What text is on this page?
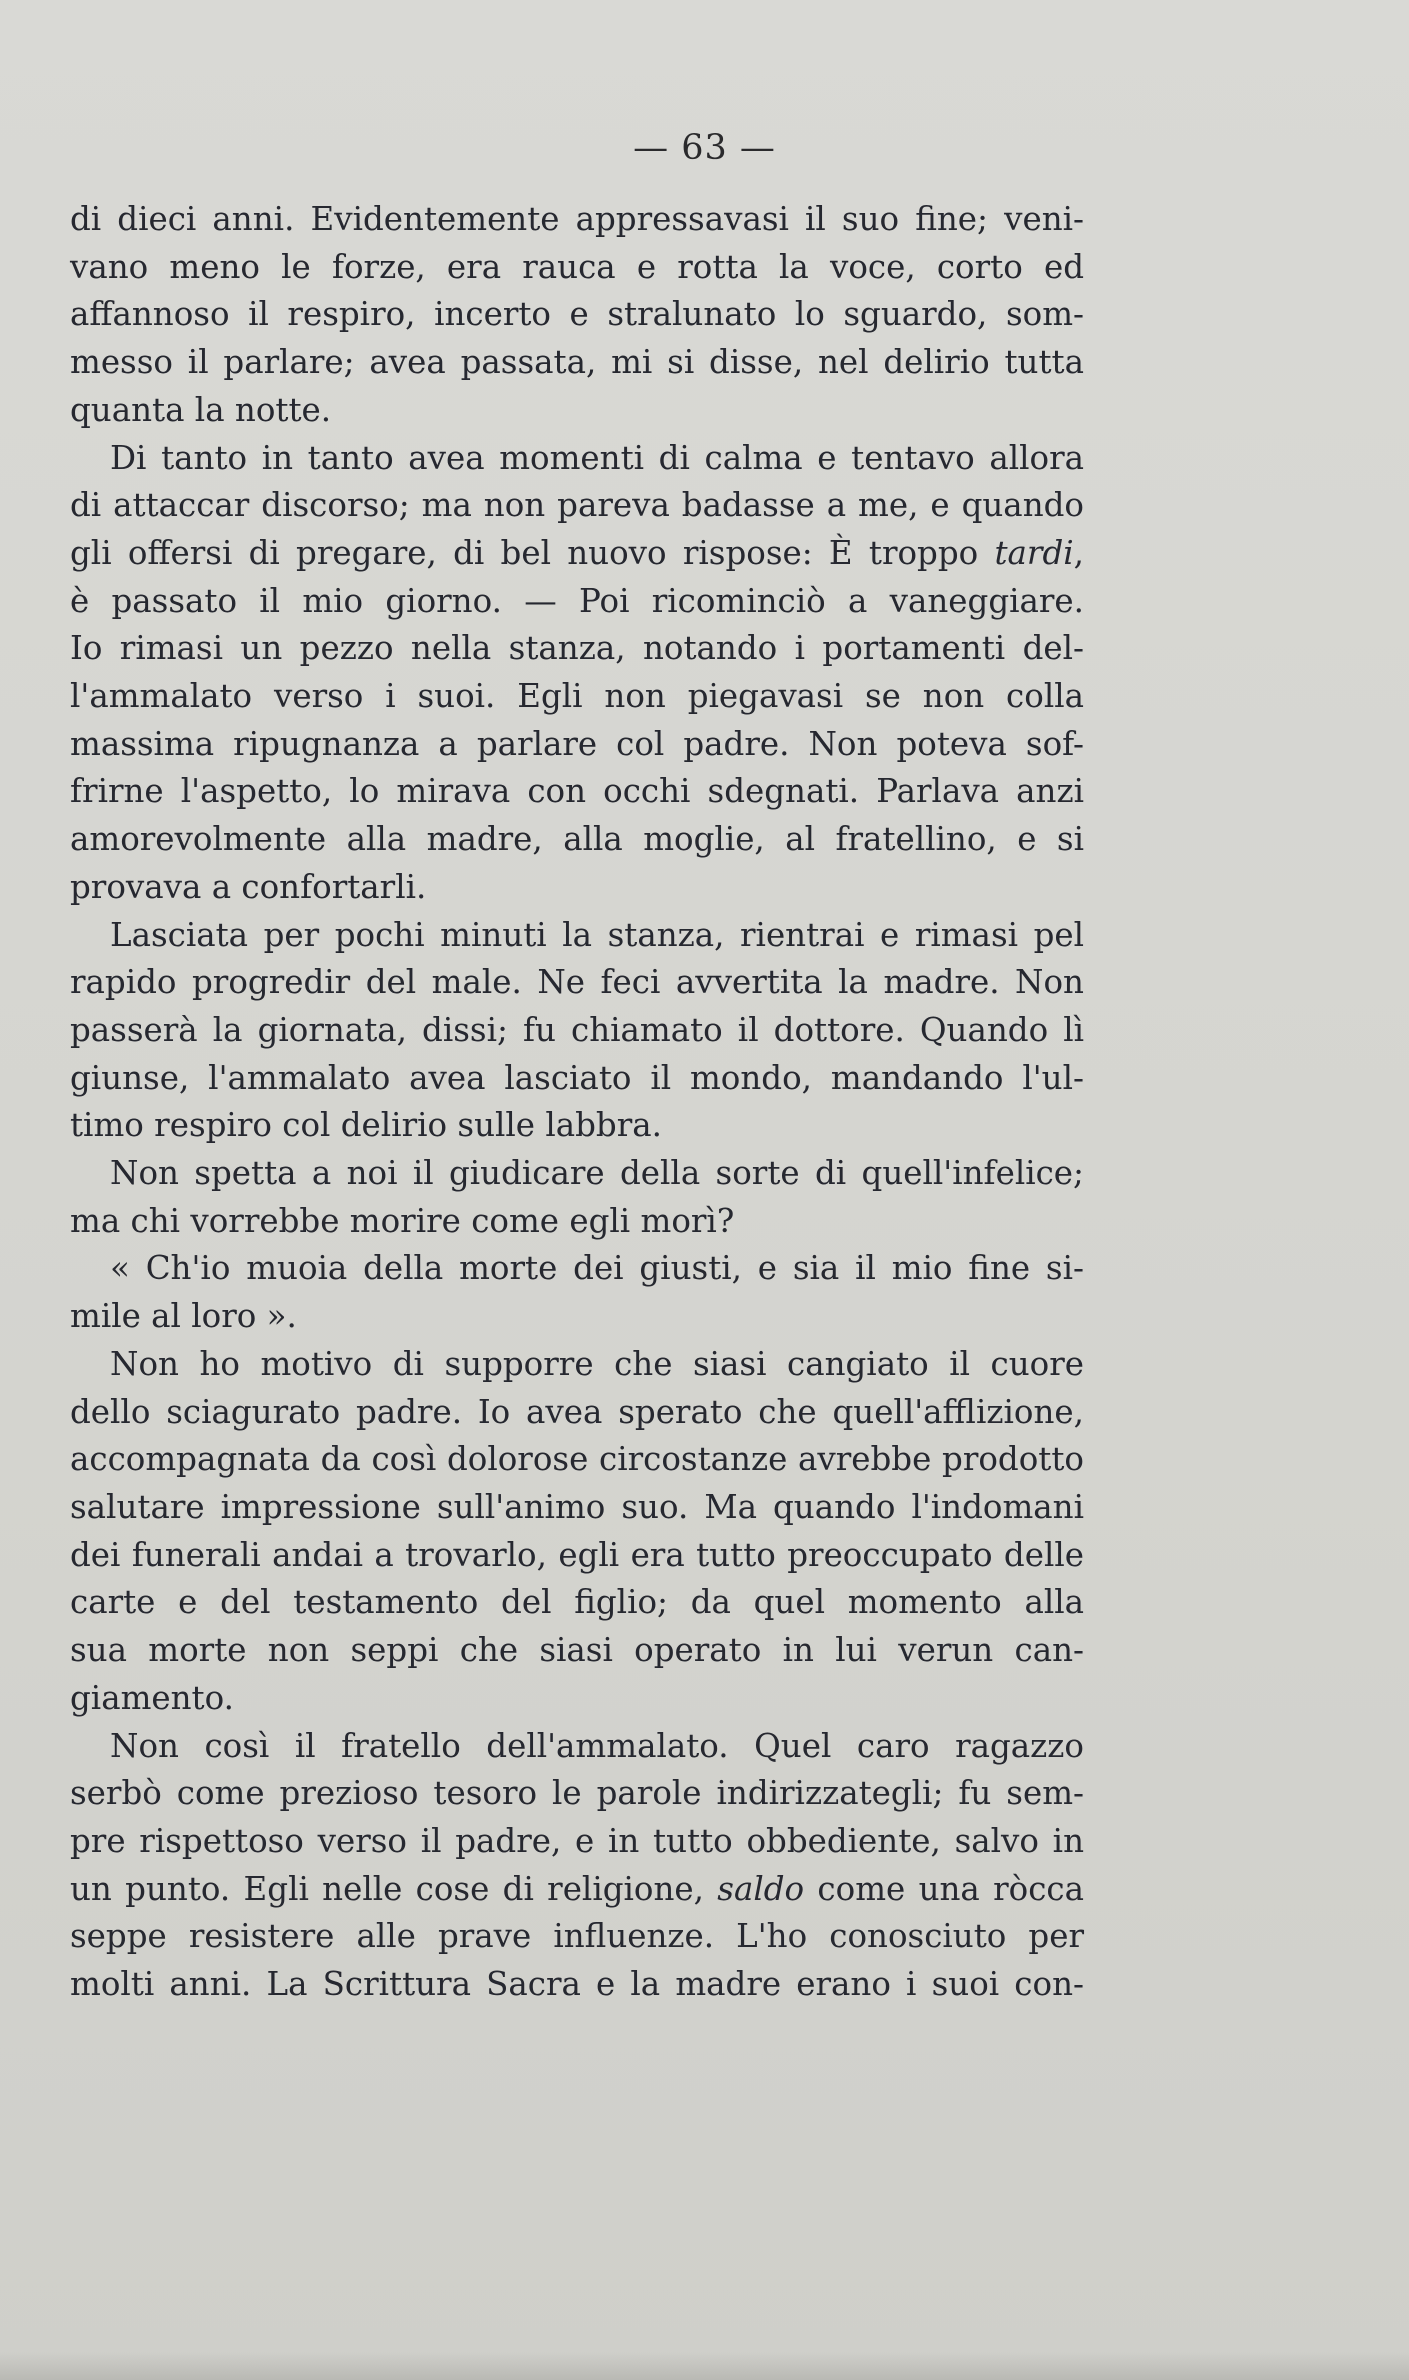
— 63 —
di dieci anni. Evidentemente appressavasi il suo fine; veni-
vano meno le forze, era rauca e rotta la voce, corto ed
affannoso il respiro, incerto e stralunato lo sguardo, som-
messo il parlare; avea passata, mi si disse, nel delirio tutta
quanta la notte.
Di tanto in tanto avea momenti di calma e tentavo allora
di attaccar discorso; ma non pareva badasse a me, e quando
gli offersi di pregare, di bel nuovo rispose: È troppo tardi,
è passato il mio giorno. — Poi ricominciò a vaneggiare.
Io rimasi un pezzo nella stanza, notando i portamenti del-
l'ammalato verso i suoi. Egli non piegavasi se non colla
massima ripugnanza a parlare col padre. Non poteva sof-
frirne l'aspetto, lo mirava con occhi sdegnati. Parlava anzi
amorevolmente alla madre, alla moglie, al fratellino, e si
provava a confortarli.
Lasciata per pochi minuti la stanza, rientrai e rimasi pel
rapido progredir del male. Ne feci avvertita la madre. Non
passerà la giornata, dissi; fu chiamato il dottore. Quando lì
giunse, l'ammalato avea lasciato il mondo, mandando l'ul-
timo respiro col delirio sulle labbra.
Non spetta a noi il giudicare della sorte di quell'infelice;
ma chi vorrebbe morire come egli morì?
« Ch'io muoia della morte dei giusti, e sia il mio fine si-
mile al loro ».
Non ho motivo di supporre che siasi cangiato il cuore
dello sciagurato padre. Io avea sperato che quell'afflizione,
accompagnata da così dolorose circostanze avrebbe prodotto
salutare impressione sull'animo suo. Ma quando l'indomani
dei funerali andai a trovarlo, egli era tutto preoccupato delle
carte e del testamento del figlio; da quel momento alla
sua morte non seppi che siasi operato in lui verun can-
giamento.
Non così il fratello dell'ammalato. Quel caro ragazzo
serbò come prezioso tesoro le parole indirizzategli; fu sem-
pre rispettoso verso il padre, e in tutto obbediente, salvo in
un punto. Egli nelle cose di religione, saldo come una ròcca
seppe resistere alle prave influenze. L'ho conosciuto per
molti anni. La Scrittura Sacra e la madre erano i suoi con-
